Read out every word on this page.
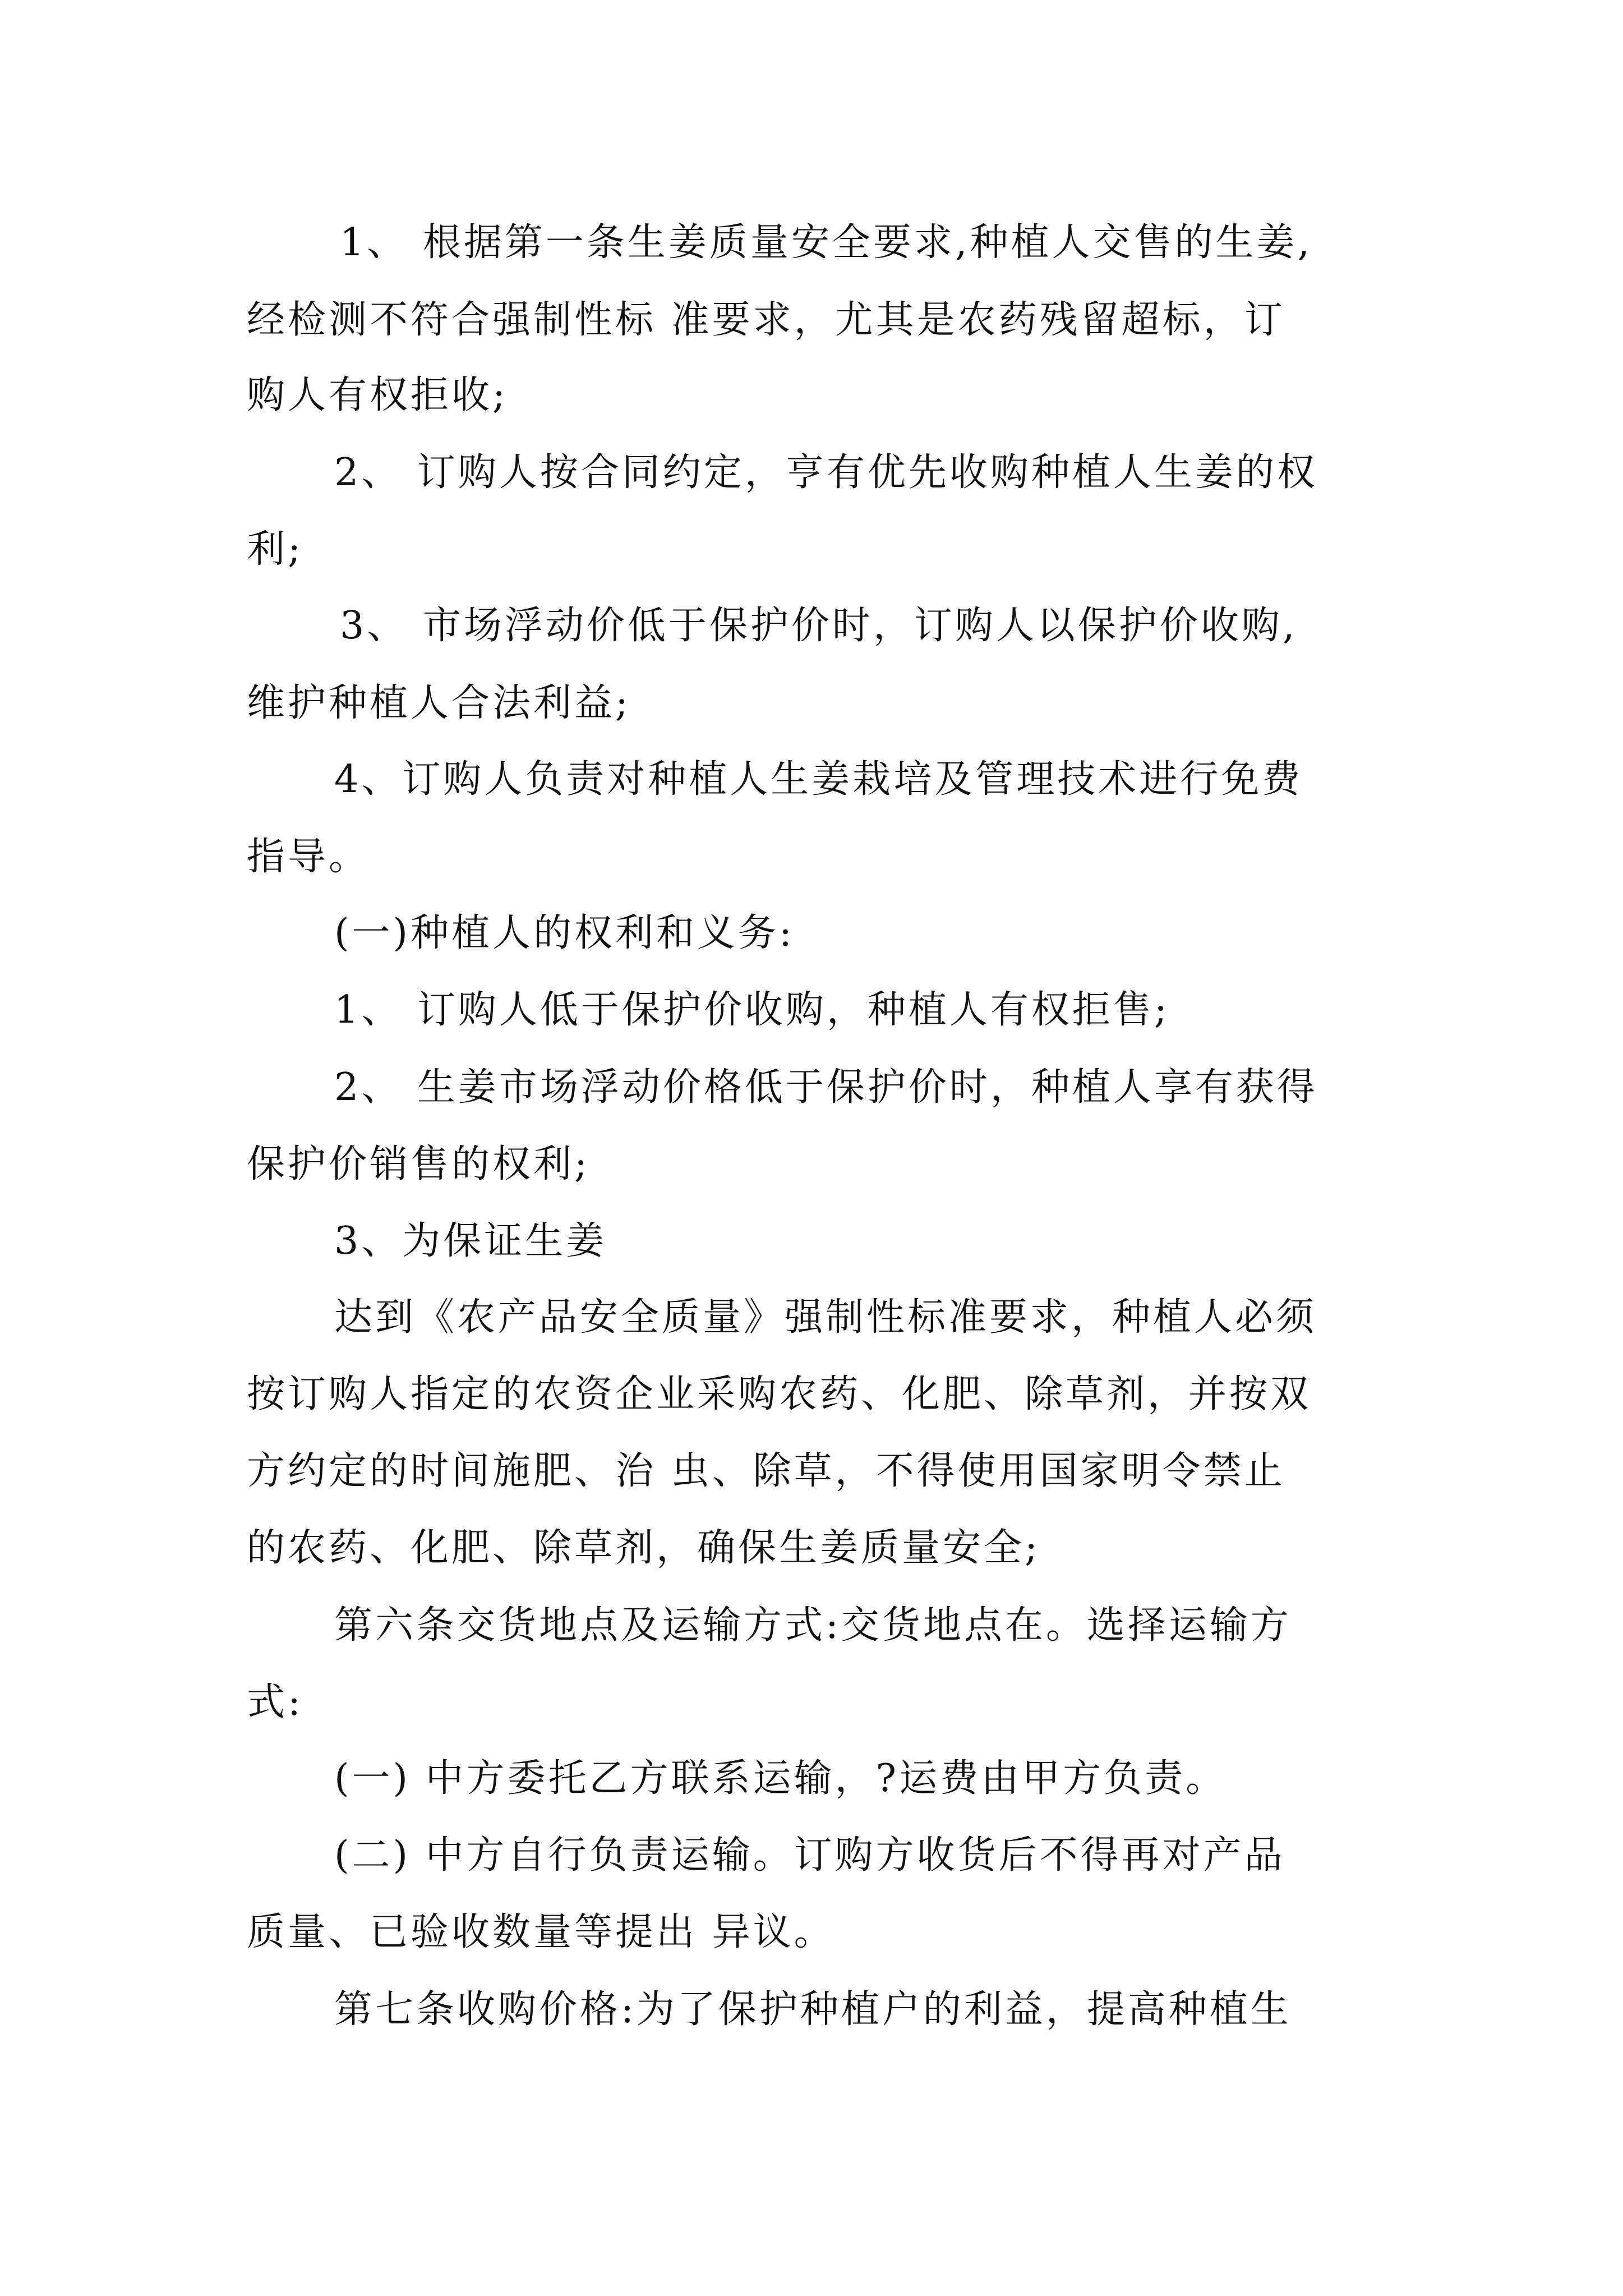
1、 根据第一条生姜质量安全要求,种植人交售的生姜,
经检测不符合强制性标 准要求，尤其是农药残留超标，订
购人有权拒收;
2、 订购人按合同约定，亨有优先收购种植人生姜的权
利;
3、 市场浮动价低于保护价时，订购人以保护价收购,
维护种植人合法利益;
4、订购人负责对种植人生姜栽培及管理技术进行免费
指导。
(一)种植人的权利和义务:
1、 订购人低于保护价收购，种植人有权拒售;
2、 生姜市场浮动价格低于保护价时，种植人享有获得
保护价销售的权利;
3、为保证生姜
达到《农产品安全质量》强制性标准要求，种植人必须
按订购人指定的农资企业采购农药、化肥、除草剂，并按双
方约定的时间施肥、治 虫、除草，不得使用国家明令禁止
的农药、化肥、除草剂，确保生姜质量安全;
第六条交货地点及运输方式:交货地点在。选择运输方
式:
(一) 中方委托乙方联系运输，?运费由甲方负责。
(二) 中方自行负责运输。订购方收货后不得再对产品
质量、已验收数量等提出 异议。
第七条收购价格:为了保护种植户的利益，提高种植生
